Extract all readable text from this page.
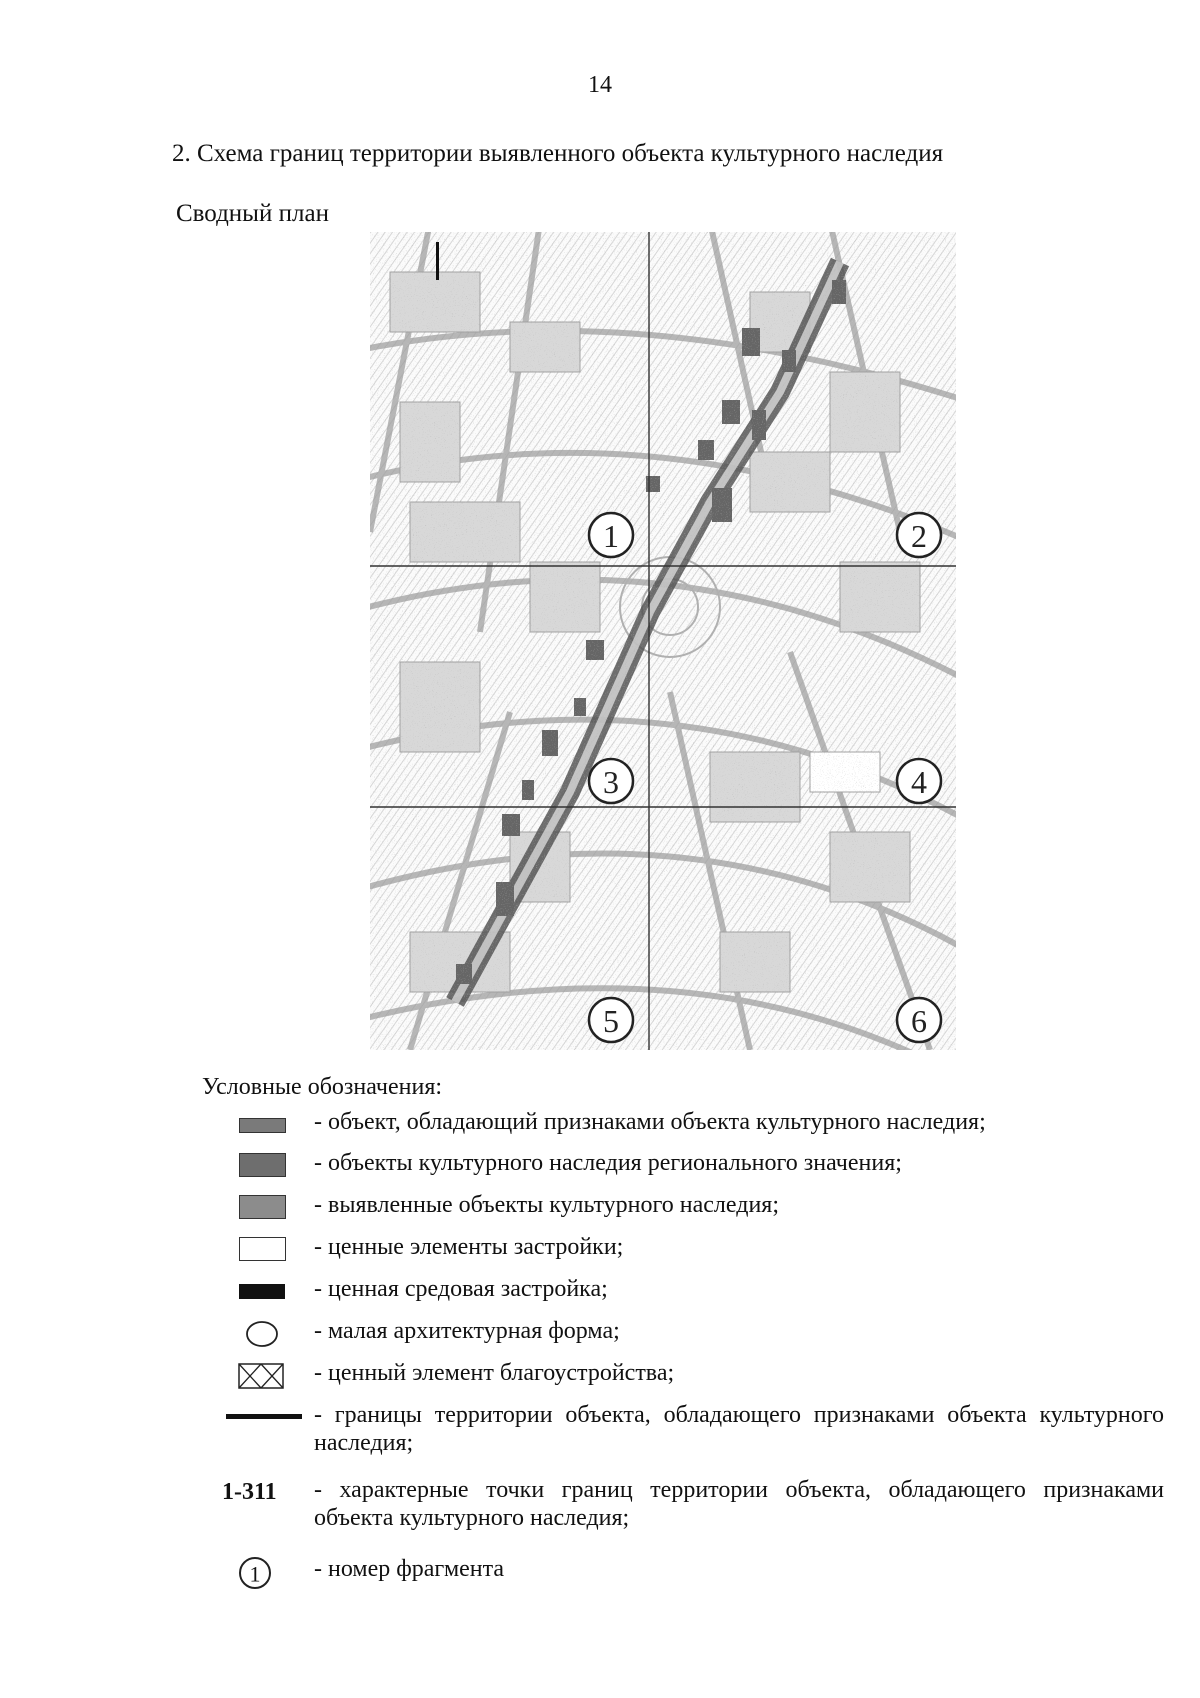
14
2. Схема границ территории выявленного объекта культурного наследия
Сводный план
1	2
3	4
5	6
Условные обозначения:
- объект, обладающий признаками объекта культурного наследия;
- объекты культурного наследия регионального значения;
- выявленные объекты культурного наследия;
- ценные элементы застройки;
- ценная средовая застройка;
- малая архитектурная форма;
- ценный элемент благоустройства;
- границы территории объекта, обладающего признаками объекта культурного наследия;
1-311 - характерные точки границ территории объекта, обладающего признаками объекта культурного наследия;
1 - номер фрагмента
